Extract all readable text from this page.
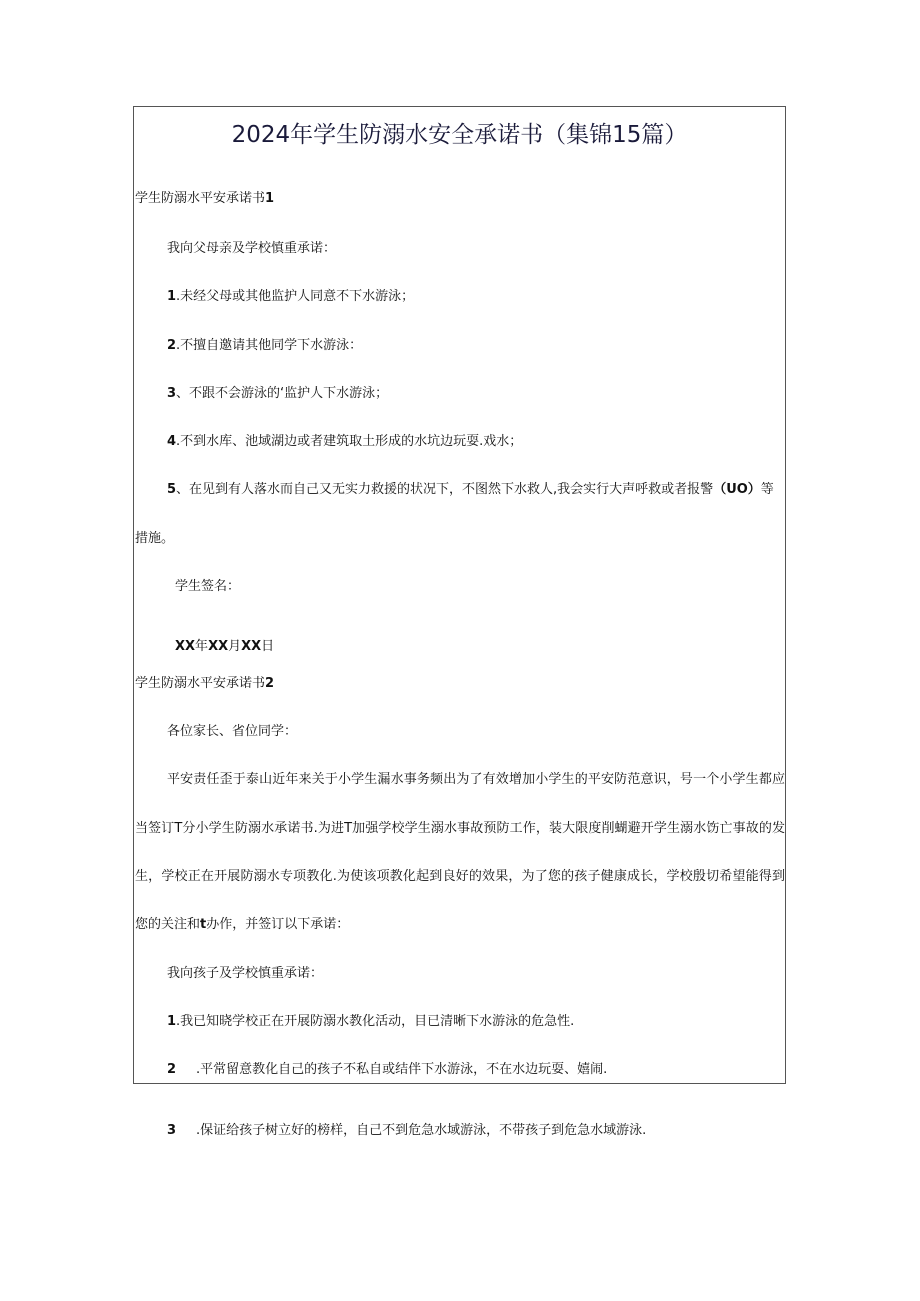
2024年学生防溺水安全承诺书（集锦15篇）

学生防溺水平安承诺书1

我向父母亲及学校慎重承诺：

1.未经父母或其他监护人同意不下水游泳；

2.不擅自邀请其他同学下水游泳：

3、不跟不会游泳的‘监护人下水游泳；

4.不到水库、池域湖边或者建筑取土形成的水坑边玩耍.戏水；

5、在见到有人落水而自己又无实力救援的状况下，不图然下水救人,我会实行大声呼救或者报警（UO）等

措施。

学生签名：

XX年XX月XX日

学生防溺水平安承诺书2

各位家长、省位同学：

平安责任歪于泰山近年来关于小学生漏水事务频出为了有效增加小学生的平安防范意识，号一个小学生都应
当签订T分小学生防溺水承诺书.为进T加强学校学生溺水事故预防工作，装大限度削蝴避开学生溺水饬亡事故的发
生，学校正在开展防溺水专项教化.为使该项教化起到良好的效果，为了您的孩子健康成长，学校殷切希望能得到

您的关注和t办作，并签订以下承诺：

我向孩子及学校慎重承诺：

1.我已知晓学校正在开展防溺水教化活动，目已清晰下水游泳的危急性.

2 .平常留意教化自己的孩子不私自或结伴下水游泳，不在水边玩耍、嬉闹.

3 .保证给孩子树立好的榜样，自己不到危急水域游泳，不带孩子到危急水域游泳.
